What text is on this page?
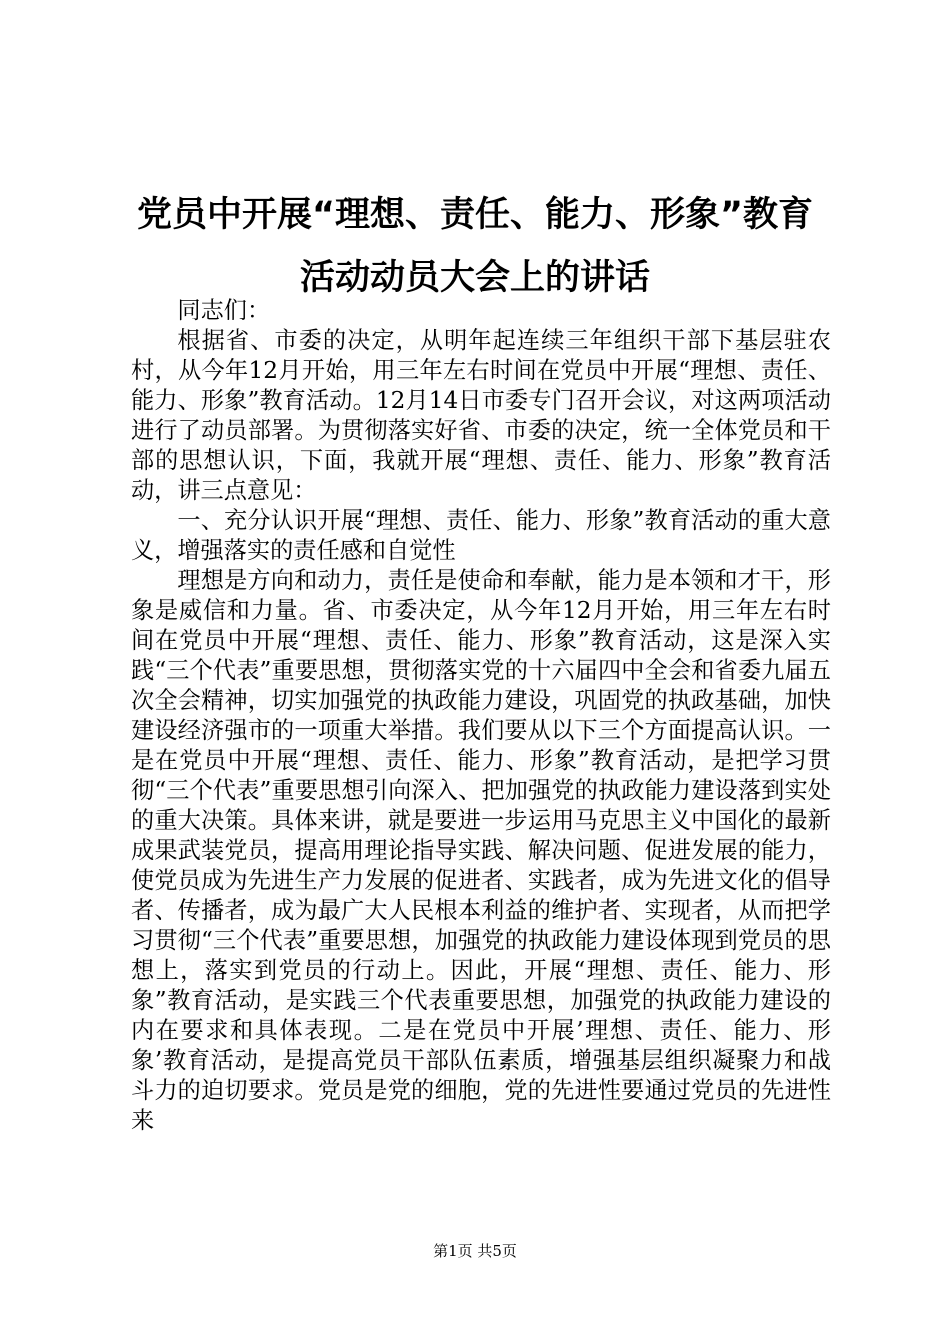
党员中开展“理想、责任、能力、形象”教育
活动动员大会上的讲话

同志们：

根据省、市委的决定，从明年起连续三年组织干部下基层驻农村，从今年12月开始，用三年左右时间在党员中开展“理想、责任、能力、形象”教育活动。12月14日市委专门召开会议，对这两项活动进行了动员部署。为贯彻落实好省、市委的决定，统一全体党员和干部的思想认识，下面，我就开展“理想、责任、能力、形象”教育活动，讲三点意见：

一、充分认识开展“理想、责任、能力、形象”教育活动的重大意义，增强落实的责任感和自觉性

理想是方向和动力，责任是使命和奉献，能力是本领和才干，形象是威信和力量。省、市委决定，从今年12月开始，用三年左右时间在党员中开展“理想、责任、能力、形象”教育活动，这是深入实践“三个代表”重要思想，贯彻落实党的十六届四中全会和省委九届五次全会精神，切实加强党的执政能力建设，巩固党的执政基础，加快建设经济强市的一项重大举措。我们要从以下三个方面提高认识。一是在党员中开展“理想、责任、能力、形象”教育活动，是把学习贯彻“三个代表”重要思想引向深入、把加强党的执政能力建设落到实处的重大决策。具体来讲，就是要进一步运用马克思主义中国化的最新成果武装党员，提高用理论指导实践、解决问题、促进发展的能力，使党员成为先进生产力发展的促进者、实践者，成为先进文化的倡导者、传播者，成为最广大人民根本利益的维护者、实现者，从而把学习贯彻“三个代表”重要思想，加强党的执政能力建设体现到党员的思想上，落实到党员的行动上。因此，开展“理想、责任、能力、形象”教育活动，是实践三个代表重要思想，加强党的执政能力建设的内在要求和具体表现。二是在党员中开展’理想、责任、能力、形象’教育活动，是提高党员干部队伍素质，增强基层组织凝聚力和战斗力的迫切要求。党员是党的细胞，党的先进性要通过党员的先进性来

第1页 共5页
